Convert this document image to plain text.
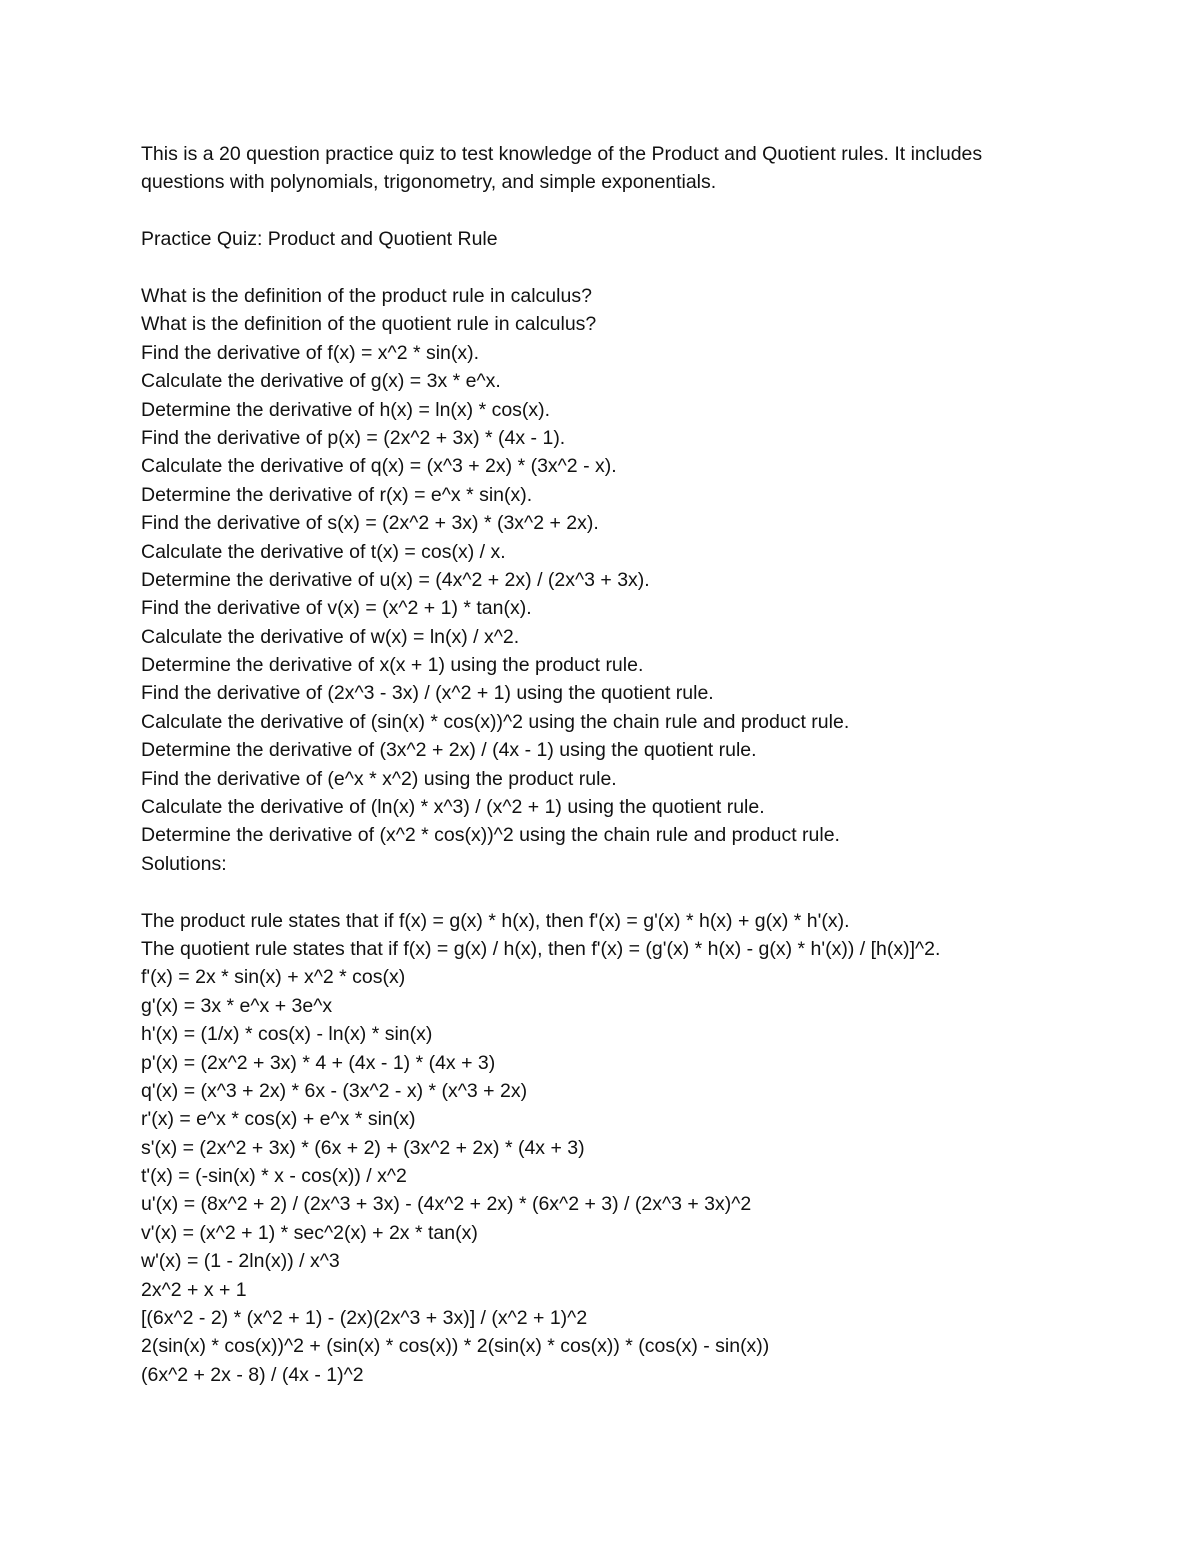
This is a 20 question practice quiz to test knowledge of the Product and Quotient rules. It includes questions with polynomials, trigonometry, and simple exponentials.

Practice Quiz: Product and Quotient Rule

What is the definition of the product rule in calculus?

What is the definition of the quotient rule in calculus?

Find the derivative of f(x) = x^2 * sin(x).

Calculate the derivative of g(x) = 3x * e^x.

Determine the derivative of h(x) = ln(x) * cos(x).

Find the derivative of p(x) = (2x^2 + 3x) * (4x - 1).

Calculate the derivative of q(x) = (x^3 + 2x) * (3x^2 - x).

Determine the derivative of r(x) = e^x * sin(x).

Find the derivative of s(x) = (2x^2 + 3x) * (3x^2 + 2x).

Calculate the derivative of t(x) = cos(x) / x.

Determine the derivative of u(x) = (4x^2 + 2x) / (2x^3 + 3x).

Find the derivative of v(x) = (x^2 + 1) * tan(x).

Calculate the derivative of w(x) = ln(x) / x^2.

Determine the derivative of x(x + 1) using the product rule.

Find the derivative of (2x^3 - 3x) / (x^2 + 1) using the quotient rule.

Calculate the derivative of (sin(x) * cos(x))^2 using the chain rule and product rule.

Determine the derivative of (3x^2 + 2x) / (4x - 1) using the quotient rule.

Find the derivative of (e^x * x^2) using the product rule.

Calculate the derivative of (ln(x) * x^3) / (x^2 + 1) using the quotient rule.

Determine the derivative of (x^2 * cos(x))^2 using the chain rule and product rule.

Solutions:

The product rule states that if f(x) = g(x) * h(x), then f'(x) = g'(x) * h(x) + g(x) * h'(x).

The quotient rule states that if f(x) = g(x) / h(x), then f'(x) = (g'(x) * h(x) - g(x) * h'(x)) / [h(x)]^2.

f'(x) = 2x * sin(x) + x^2 * cos(x)

g'(x) = 3x * e^x + 3e^x

h'(x) = (1/x) * cos(x) - ln(x) * sin(x)

p'(x) = (2x^2 + 3x) * 4 + (4x - 1) * (4x + 3)

q'(x) = (x^3 + 2x) * 6x - (3x^2 - x) * (x^3 + 2x)

r'(x) = e^x * cos(x) + e^x * sin(x)

s'(x) = (2x^2 + 3x) * (6x + 2) + (3x^2 + 2x) * (4x + 3)

t'(x) = (-sin(x) * x - cos(x)) / x^2

u'(x) = (8x^2 + 2) / (2x^3 + 3x) - (4x^2 + 2x) * (6x^2 + 3) / (2x^3 + 3x)^2

v'(x) = (x^2 + 1) * sec^2(x) + 2x * tan(x)

w'(x) = (1 - 2ln(x)) / x^3

2x^2 + x + 1

[(6x^2 - 2) * (x^2 + 1) - (2x)(2x^3 + 3x)] / (x^2 + 1)^2

2(sin(x) * cos(x))^2 + (sin(x) * cos(x)) * 2(sin(x) * cos(x)) * (cos(x) - sin(x))

(6x^2 + 2x - 8) / (4x - 1)^2
